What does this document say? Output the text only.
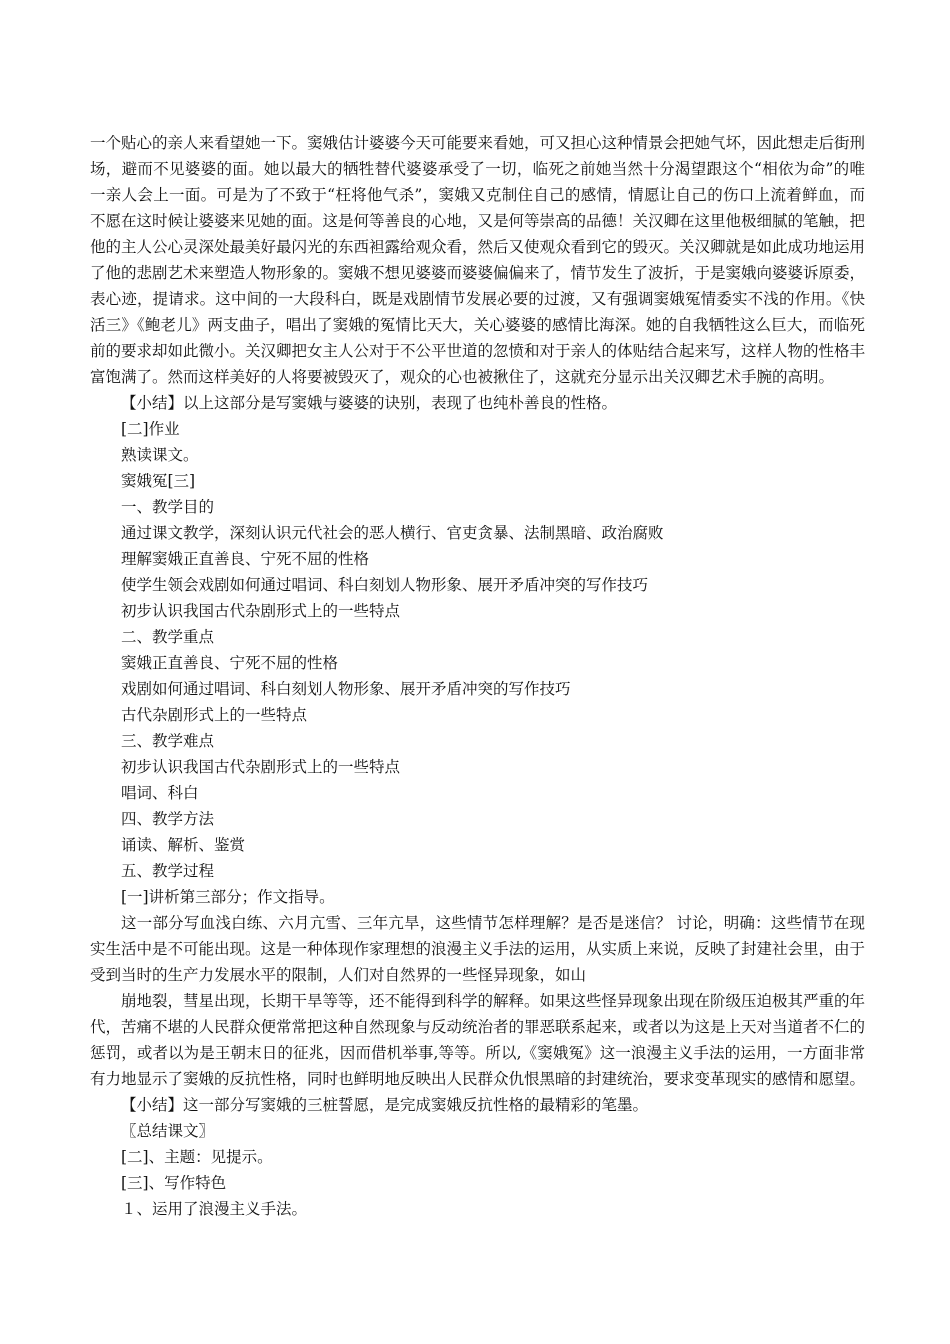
一个贴心的亲人来看望她一下。窦娥估计婆婆今天可能要来看她，可又担心这种情景会把她气坏，因此想走后街刑场，避而不见婆婆的面。她以最大的牺牲替代婆婆承受了一切，临死之前她当然十分渴望跟这个“相依为命”的唯一亲人会上一面。可是为了不致于“枉将他气杀”，窦娥又克制住自己的感情，情愿让自己的伤口上流着鲜血，而不愿在这时候让婆婆来见她的面。这是何等善良的心地，又是何等崇高的品德！关汉卿在这里他极细腻的笔触，把他的主人公心灵深处最美好最闪光的东西袒露给观众看，然后又使观众看到它的毁灭。关汉卿就是如此成功地运用了他的悲剧艺术来塑造人物形象的。窦娥不想见婆婆而婆婆偏偏来了，情节发生了波折，于是窦娥向婆婆诉原委，表心迹，提请求。这中间的一大段科白，既是戏剧情节发展必要的过渡，又有强调窦娥冤情委实不浅的作用。《快活三》《鲍老儿》两支曲子，唱出了窦娥的冤情比天大，关心婆婆的感情比海深。她的自我牺牲这么巨大，而临死前的要求却如此微小。关汉卿把女主人公对于不公平世道的忽愤和对于亲人的体贴结合起来写，这样人物的性格丰富饱满了。然而这样美好的人将要被毁灭了，观众的心也被揪住了，这就充分显示出关汉卿艺术手腕的高明。

【小结】以上这部分是写窦娥与婆婆的诀别，表现了也纯朴善良的性格。

[二]作业

熟读课文。

窦娥冤[三]

一、教学目的

通过课文教学，深刻认识元代社会的恶人横行、官吏贪暴、法制黑暗、政治腐败

理解窦娥正直善良、宁死不屈的性格

使学生领会戏剧如何通过唱词、科白刻划人物形象、展开矛盾冲突的写作技巧

初步认识我国古代杂剧形式上的一些特点

二、教学重点

窦娥正直善良、宁死不屈的性格

戏剧如何通过唱词、科白刻划人物形象、展开矛盾冲突的写作技巧

古代杂剧形式上的一些特点

三、教学难点

初步认识我国古代杂剧形式上的一些特点

唱词、科白

四、教学方法

诵读、解析、鉴赏

五、教学过程

[一]讲析第三部分；作文指导。

这一部分写血浅白练、六月亢雪、三年亢旱，这些情节怎样理解？是否是迷信？ 讨论，明确：这些情节在现实生活中是不可能出现。这是一种体现作家理想的浪漫主义手法的运用，从实质上来说，反映了封建社会里，由于受到当时的生产力发展水平的限制，人们对自然界的一些怪异现象，如山

崩地裂，彗星出现，长期干旱等等，还不能得到科学的解释。如果这些怪异现象出现在阶级压迫极其严重的年代，苦痛不堪的人民群众便常常把这种自然现象与反动统治者的罪恶联系起来，或者以为这是上天对当道者不仁的惩罚，或者以为是王朝末日的征兆，因而借机举事,等等。所以,《窦娥冤》这一浪漫主义手法的运用，一方面非常有力地显示了窦娥的反抗性格，同时也鲜明地反映出人民群众仇恨黑暗的封建统治，要求变革现实的感情和愿望。

【小结】这一部分写窦娥的三桩誓愿，是完成窦娥反抗性格的最精彩的笔墨。

〖总结课文〗

[二]、主题：见提示。

[三]、写作特色

１、运用了浪漫主义手法。
